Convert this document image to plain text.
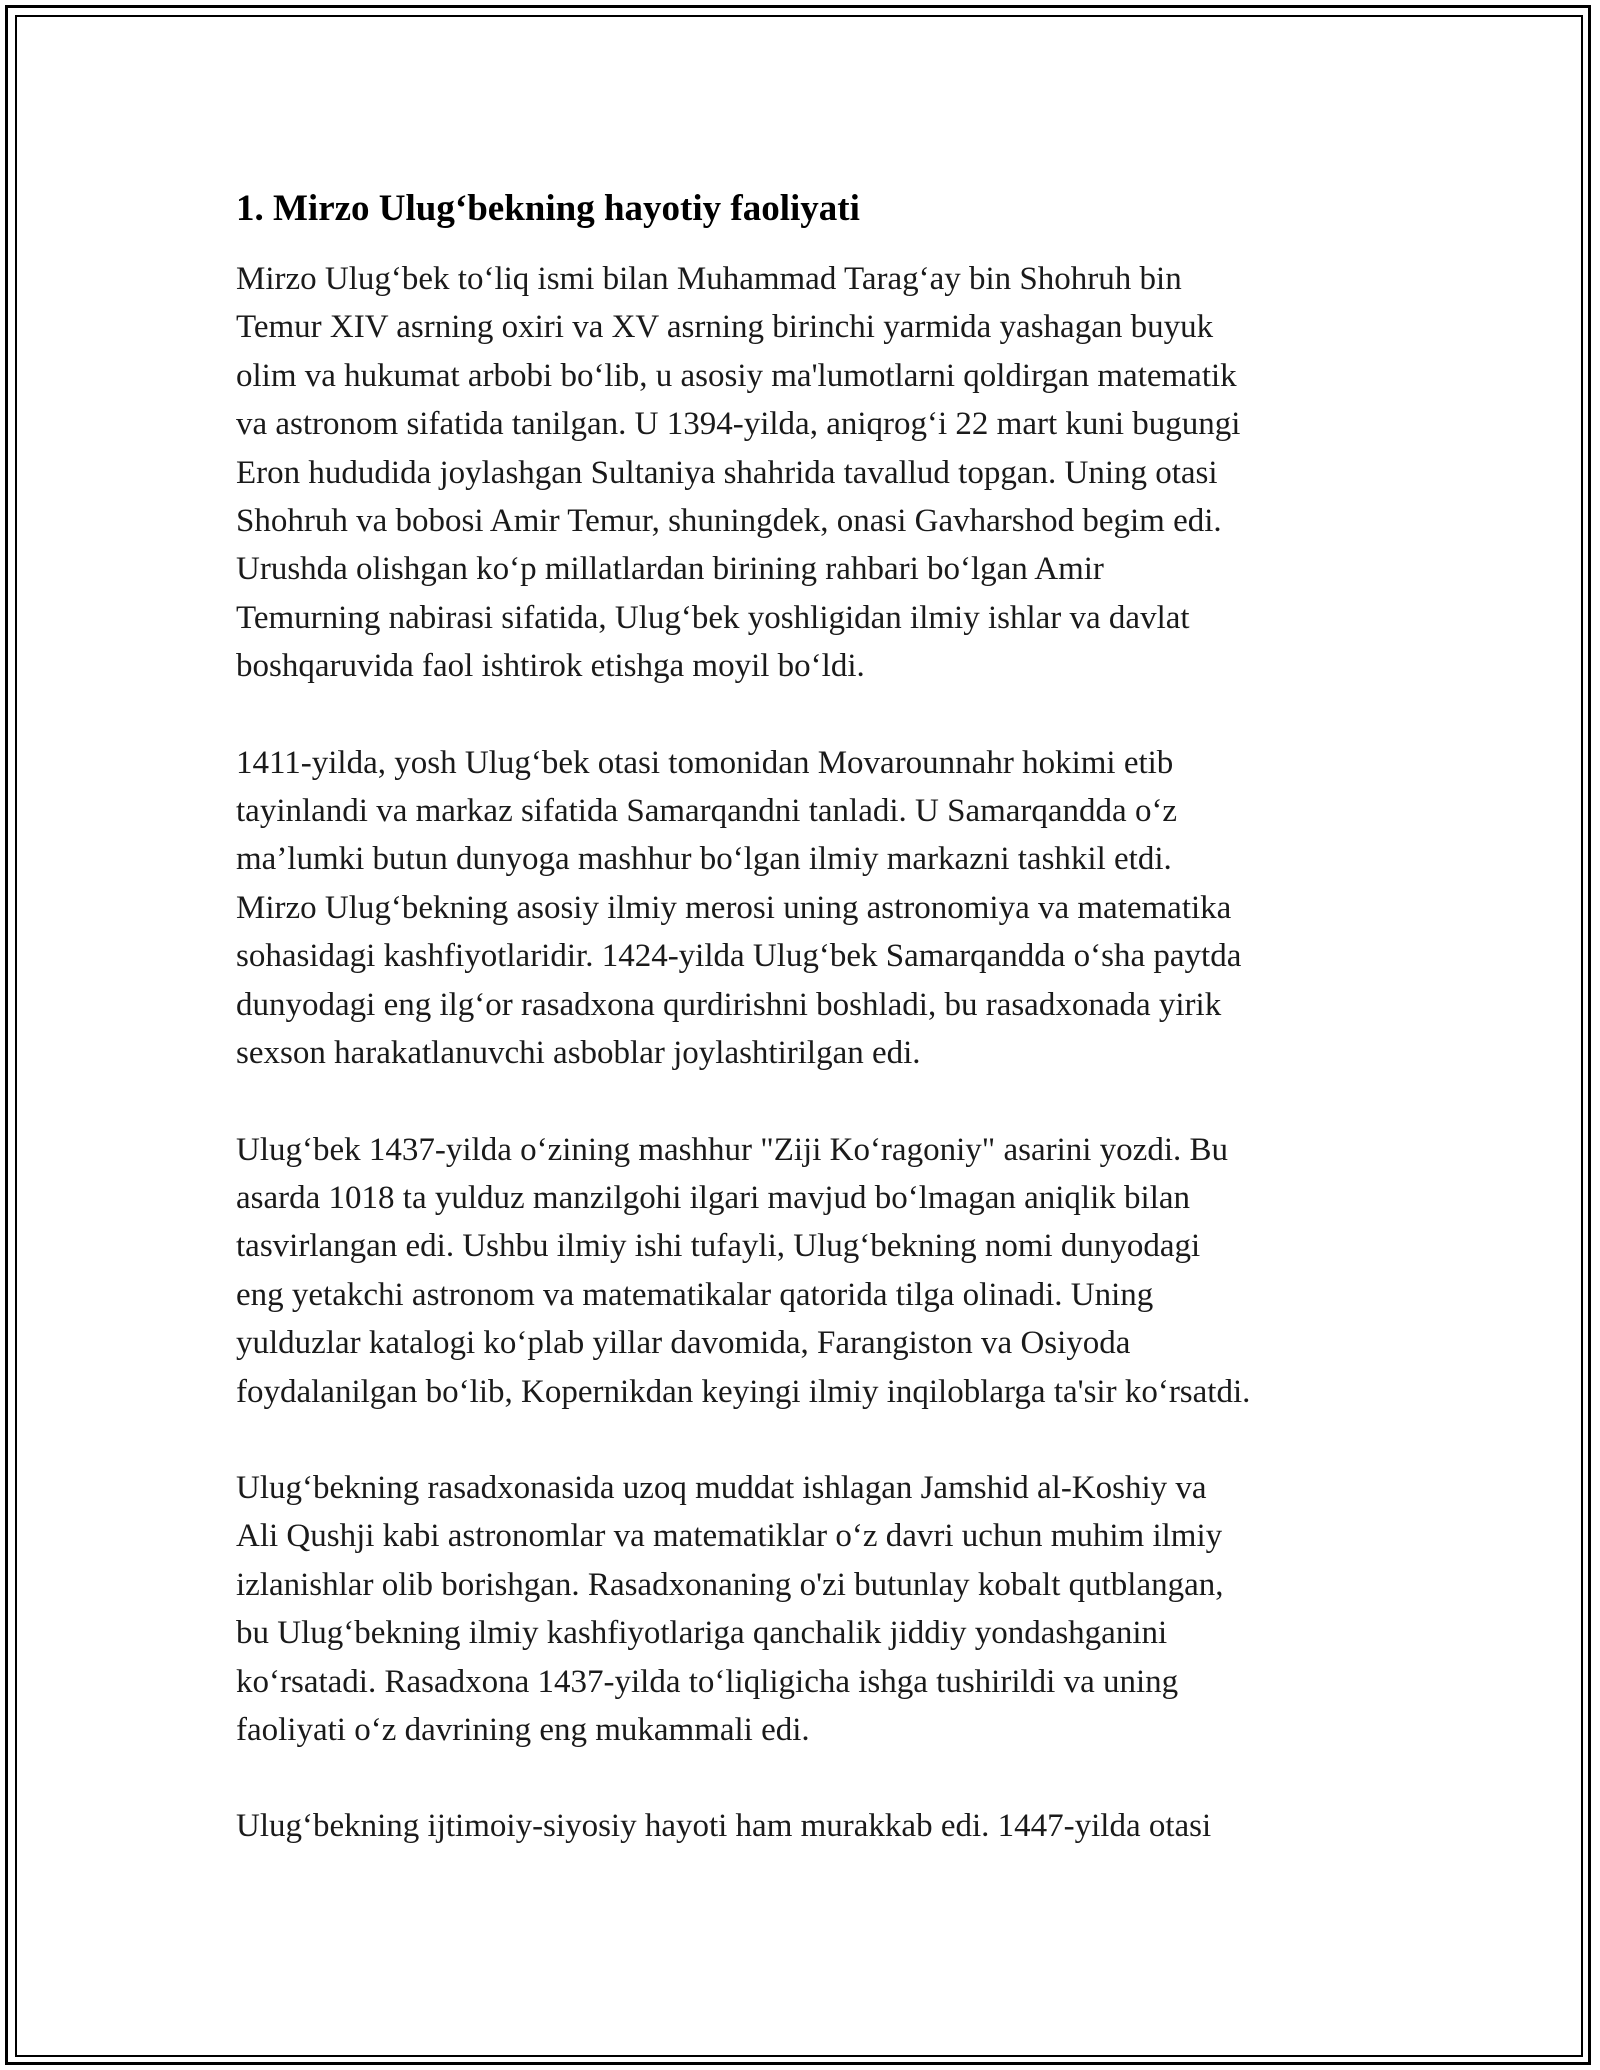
1. Mirzo Ulug‘bekning hayotiy faoliyati

Mirzo Ulug‘bek to‘liq ismi bilan Muhammad Tarag‘ay bin Shohruh bin
Temur XIV asrning oxiri va XV asrning birinchi yarmida yashagan buyuk
olim va hukumat arbobi bo‘lib, u asosiy ma'lumotlarni qoldirgan matematik
va astronom sifatida tanilgan. U 1394-yilda, aniqrog‘i 22 mart kuni bugungi
Eron hududida joylashgan Sultaniya shahrida tavallud topgan. Uning otasi
Shohruh va bobosi Amir Temur, shuningdek, onasi Gavharshod begim edi.
Urushda olishgan ko‘p millatlardan birining rahbari bo‘lgan Amir
Temurning nabirasi sifatida, Ulug‘bek yoshligidan ilmiy ishlar va davlat
boshqaruvida faol ishtirok etishga moyil bo‘ldi.

1411-yilda, yosh Ulug‘bek otasi tomonidan Movarounnahr hokimi etib
tayinlandi va markaz sifatida Samarqandni tanladi. U Samarqandda o‘z
ma’lumki butun dunyoga mashhur bo‘lgan ilmiy markazni tashkil etdi.
Mirzo Ulug‘bekning asosiy ilmiy merosi uning astronomiya va matematika
sohasidagi kashfiyotlaridir. 1424-yilda Ulug‘bek Samarqandda o‘sha paytda
dunyodagi eng ilg‘or rasadxona qurdirishni boshladi, bu rasadxonada yirik
sexson harakatlanuvchi asboblar joylashtirilgan edi.

Ulug‘bek 1437-yilda o‘zining mashhur "Ziji Ko‘ragoniy" asarini yozdi. Bu
asarda 1018 ta yulduz manzilgohi ilgari mavjud bo‘lmagan aniqlik bilan
tasvirlangan edi. Ushbu ilmiy ishi tufayli, Ulug‘bekning nomi dunyodagi
eng yetakchi astronom va matematikalar qatorida tilga olinadi. Uning
yulduzlar katalogi ko‘plab yillar davomida, Farangiston va Osiyoda
foydalanilgan bo‘lib, Kopernikdan keyingi ilmiy inqiloblarga ta'sir ko‘rsatdi.

Ulug‘bekning rasadxonasida uzoq muddat ishlagan Jamshid al-Koshiy va
Ali Qushji kabi astronomlar va matematiklar o‘z davri uchun muhim ilmiy
izlanishlar olib borishgan. Rasadxonaning o'zi butunlay kobalt qutblangan,
bu Ulug‘bekning ilmiy kashfiyotlariga qanchalik jiddiy yondashganini
ko‘rsatadi. Rasadxona 1437-yilda to‘liqligicha ishga tushirildi va uning
faoliyati o‘z davrining eng mukammali edi.

Ulug‘bekning ijtimoiy-siyosiy hayoti ham murakkab edi. 1447-yilda otasi
